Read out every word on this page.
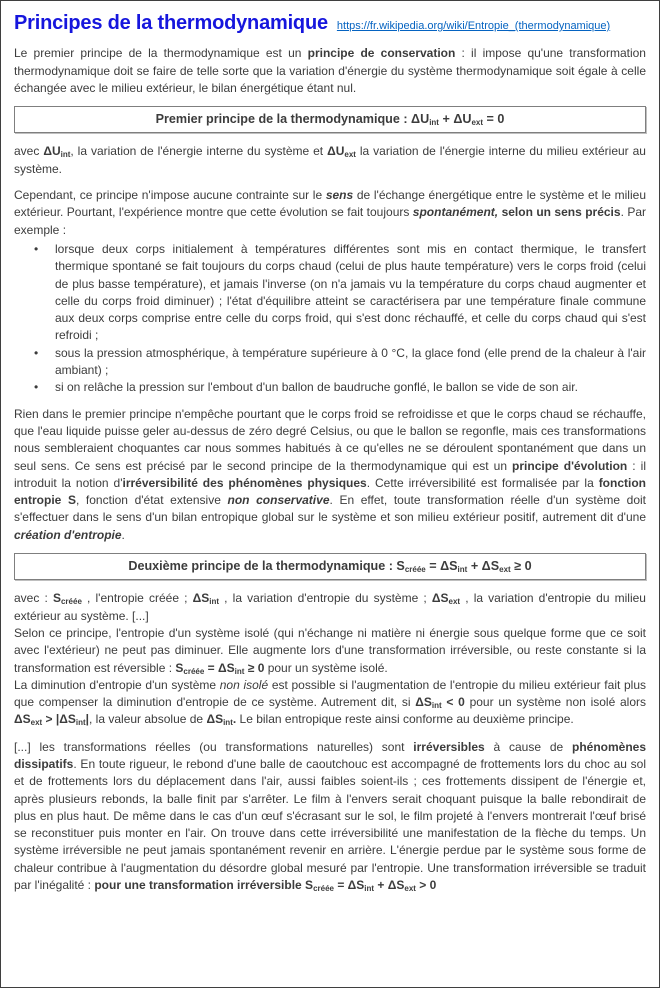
Principes de la thermodynamique https://fr.wikipedia.org/wiki/Entropie_(thermodynamique)

Le premier principe de la thermodynamique est un principe de conservation : il impose qu'une transformation thermodynamique doit se faire de telle sorte que la variation d'énergie du système thermodynamique soit égale à celle échangée avec le milieu extérieur, le bilan énergétique étant nul.

Premier principe de la thermodynamique : $\Delta U_{int} + \Delta U_{ext} = 0$

avec $\Delta U_{int}$, la variation de l'énergie interne du système et $\Delta U_{ext}$ la variation de l'énergie interne du milieu extérieur au système.

Cependant, ce principe n'impose aucune contrainte sur le sens de l'échange énergétique entre le système et le milieu extérieur. Pourtant, l'expérience montre que cette évolution se fait toujours spontanément, selon un sens précis. Par exemple :

• lorsque deux corps initialement à températures différentes sont mis en contact thermique, le transfert thermique spontané se fait toujours du corps chaud (celui de plus haute température) vers le corps froid (celui de plus basse température), et jamais l'inverse (on n'a jamais vu la température du corps chaud augmenter et celle du corps froid diminuer) ; l'état d'équilibre atteint se caractérisera par une température finale commune aux deux corps comprise entre celle du corps froid, qui s'est donc réchauffé, et celle du corps chaud qui s'est refroidi ;
• sous la pression atmosphérique, à température supérieure à 0 °C, la glace fond (elle prend de la chaleur à l'air ambiant) ;
• si on relâche la pression sur l'embout d'un ballon de baudruche gonflé, le ballon se vide de son air.

Rien dans le premier principe n'empêche pourtant que le corps froid se refroidisse et que le corps chaud se réchauffe, que l'eau liquide puisse geler au-dessus de zéro degré Celsius, ou que le ballon se regonfle, mais ces transformations nous sembleraient choquantes car nous sommes habitués à ce qu'elles ne se déroulent spontanément que dans un seul sens. Ce sens est précisé par le second principe de la thermodynamique qui est un principe d'évolution : il introduit la notion d'irréversibilité des phénomènes physiques. Cette irréversibilité est formalisée par la fonction entropie S, fonction d'état extensive non conservative. En effet, toute transformation réelle d'un système doit s'effectuer dans le sens d'un bilan entropique global sur le système et son milieu extérieur positif, autrement dit d'une création d'entropie.

Deuxième principe de la thermodynamique : $S_{créée} = \Delta S_{int} + \Delta S_{ext} \ge 0$

avec : $S_{créée}$ , l'entropie créée ; $\Delta S_{int}$ , la variation d'entropie du système ; $\Delta S_{ext}$ , la variation d'entropie du milieu extérieur au système. [...]

Selon ce principe, l'entropie d'un système isolé (qui n'échange ni matière ni énergie sous quelque forme que ce soit avec l'extérieur) ne peut pas diminuer. Elle augmente lors d'une transformation irréversible, ou reste constante si la transformation est réversible : $S_{créée} = \Delta S_{int} \ge 0$ pour un système isolé.

La diminution d'entropie d'un système non isolé est possible si l'augmentation de l'entropie du milieu extérieur fait plus que compenser la diminution d'entropie de ce système. Autrement dit, si $\Delta S_{int} < 0$ pour un système non isolé alors $\Delta S_{ext} > |\Delta S_{int}|$, la valeur absolue de $\Delta S_{int}$. Le bilan entropique reste ainsi conforme au deuxième principe.

[...] les transformations réelles (ou transformations naturelles) sont irréversibles à cause de phénomènes dissipatifs. En toute rigueur, le rebond d'une balle de caoutchouc est accompagné de frottements lors du choc au sol et de frottements lors du déplacement dans l'air, aussi faibles soient-ils ; ces frottements dissipent de l'énergie et, après plusieurs rebonds, la balle finit par s'arrêter. Le film à l'envers serait choquant puisque la balle rebondirait de plus en plus haut. De même dans le cas d'un œuf s'écrasant sur le sol, le film projeté à l'envers montrerait l'œuf brisé se reconstituer puis monter en l'air. On trouve dans cette irréversibilité une manifestation de la flèche du temps. Un système irréversible ne peut jamais spontanément revenir en arrière. L'énergie perdue par le système sous forme de chaleur contribue à l'augmentation du désordre global mesuré par l'entropie. Une transformation irréversible se traduit par l'inégalité : pour une transformation irréversible $S_{créée} = \Delta S_{int} + \Delta S_{ext} > 0$
